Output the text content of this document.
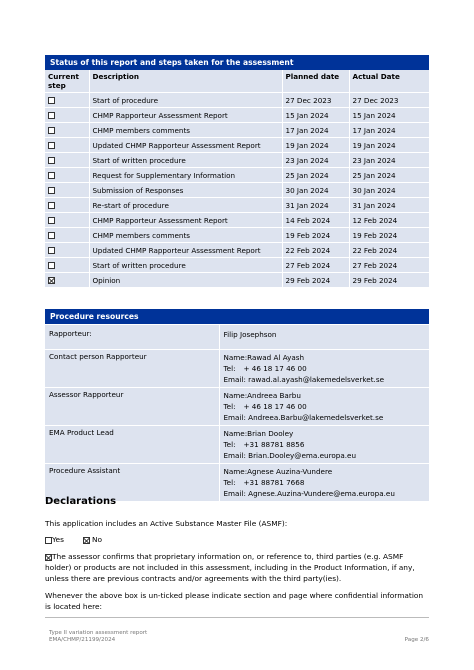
Status of this report and steps taken for the assessment
Current step	Description	Planned date	Actual Date
	Start of procedure	27 Dec 2023	27 Dec 2023
	CHMP Rapporteur Assessment Report	15 Jan 2024	15 Jan 2024
	CHMP members comments	17 Jan 2024	17 Jan 2024
	Updated CHMP Rapporteur Assessment Report	19 Jan 2024	19 Jan 2024
	Start of written procedure	23 Jan 2024	23 Jan 2024
	Request for Supplementary Information	25 Jan 2024	25 Jan 2024
	Submission of Responses	30 Jan 2024	30 Jan 2024
	Re-start of procedure	31 Jan 2024	31 Jan 2024
	CHMP Rapporteur Assessment Report	14 Feb 2024	12 Feb 2024
	CHMP members comments	19 Feb 2024	19 Feb 2024
	Updated CHMP Rapporteur Assessment Report	22 Feb 2024	22 Feb 2024
	Start of written procedure	27 Feb 2024	27 Feb 2024
	Opinion	29 Feb 2024	29 Feb 2024
Procedure resources
Rapporteur:	Filip Josephson

Contact person Rapporteur	Name:Rawad Al Ayash
Tel: + 46 18 17 46 00
Email: rawad.al.ayash@lakemedelsverket.se

Assessor Rapporteur	Name:Andreea Barbu
Tel: + 46 18 17 46 00
Email: Andreea.Barbu@lakemedelsverket.se

EMA Product Lead	Name:Brian Dooley
Tel: +31 88781 8856
Email: Brian.Dooley@ema.europa.eu

Procedure Assistant	Name:Agnese Auzina-Vundere
Tel: +31 88781 7668
Email: Agnese.Auzina-Vundere@ema.europa.eu
Declarations

This application includes an Active Substance Master File (ASMF):

Yes	No

The assessor confirms that proprietary information on, or reference to, third parties (e.g. ASMF holder) or products are not included in this assessment, including in the Product Information, if any, unless there are previous contracts and/or agreements with the third party(ies).

Whenever the above box is un-ticked please indicate section and page where confidential information is located here:

Type II variation assessment report
EMA/CHMP/21199/2024	Page 2/6
